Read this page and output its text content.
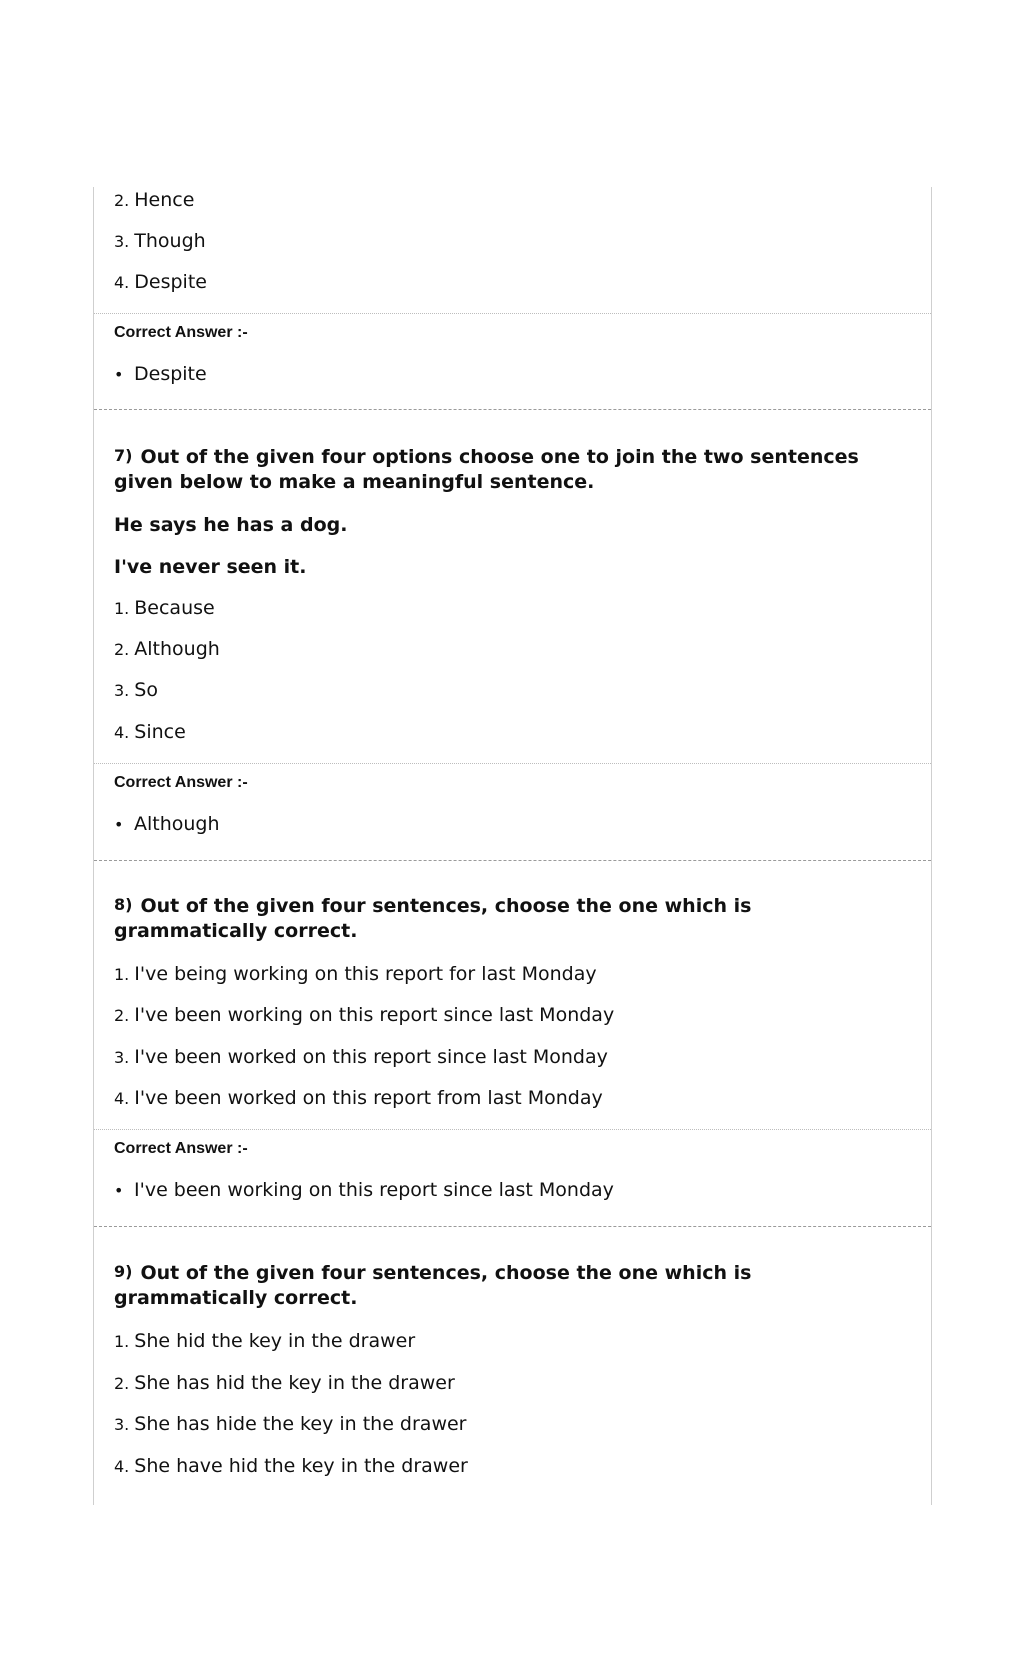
2. Hence
3. Though
4. Despite
Correct Answer :-
• Despite
7) Out of the given four options choose one to join the two sentences given below to make a meaningful sentence.
He says he has a dog.
I've never seen it.
1. Because
2. Although
3. So
4. Since
Correct Answer :-
• Although
8) Out of the given four sentences, choose the one which is grammatically correct.
1. I've being working on this report for last Monday
2. I've been working on this report since last Monday
3. I've been worked on this report since last Monday
4. I've been worked on this report from last Monday
Correct Answer :-
• I've been working on this report since last Monday
9) Out of the given four sentences, choose the one which is grammatically correct.
1. She hid the key in the drawer
2. She has hid the key in the drawer
3. She has hide the key in the drawer
4. She have hid the key in the drawer
